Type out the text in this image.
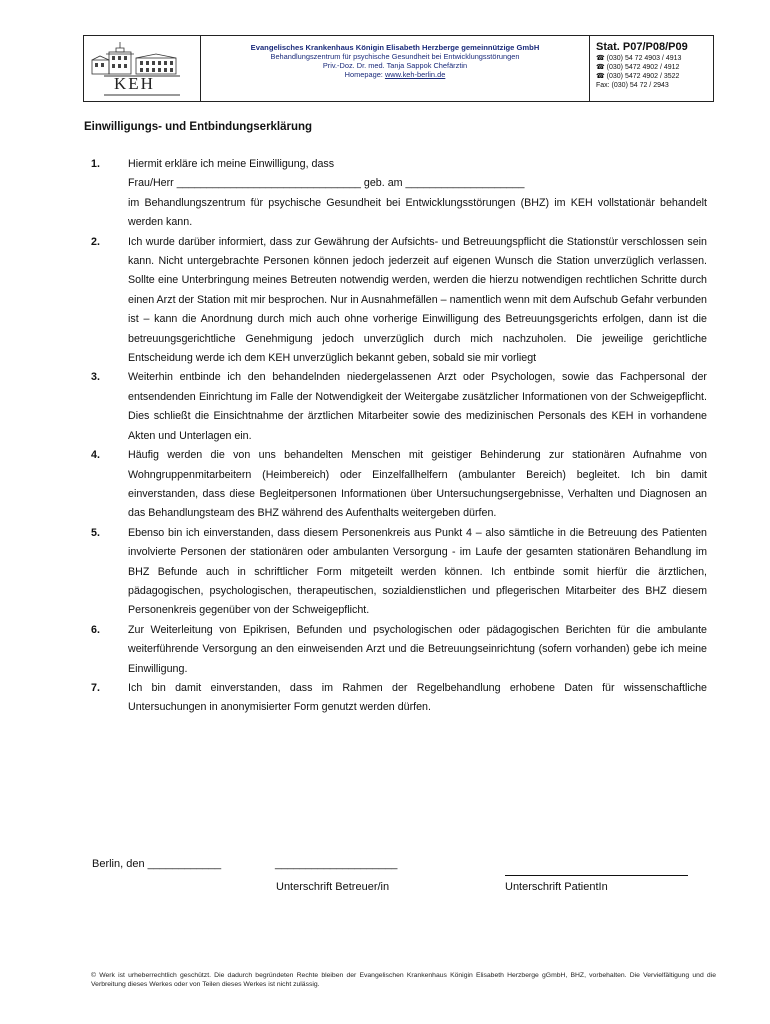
KEH
Evangelisches Krankenhaus Königin Elisabeth Herzberge gemeinnützige GmbH
Behandlungszentrum für psychische Gesundheit bei Entwicklungsstörungen
Priv.-Doz. Dr. med. Tanja Sappok Chefärztin
Homepage: www.keh-berlin.de
Stat. P07/P08/P09
☎ (030) 54 72 4903 / 4913
☎ (030) 5472 4902 / 4912
☎ (030) 5472 4902 / 3522
Fax: (030) 54 72 / 2943
Einwilligungs- und Entbindungserklärung
1.	Hiermit erkläre ich meine Einwilligung, dass
Frau/Herr _______________________________ geb. am ____________________
im Behandlungszentrum für psychische Gesundheit bei Entwicklungsstörungen (BHZ) im KEH vollstationär behandelt werden kann.
2.	Ich wurde darüber informiert, dass zur Gewährung der Aufsichts- und Betreuungspflicht die Stationstür verschlossen sein kann. Nicht untergebrachte Personen können jedoch jederzeit auf eigenen Wunsch die Station unverzüglich verlassen. Sollte eine Unterbringung meines Betreuten notwendig werden, werden die hierzu notwendigen rechtlichen Schritte durch einen Arzt der Station mit mir besprochen. Nur in Ausnahmefällen – namentlich wenn mit dem Aufschub Gefahr verbunden ist – kann die Anordnung durch mich auch ohne vorherige Einwilligung des Betreuungsgerichts erfolgen, dann ist die betreuungsgerichtliche Genehmigung jedoch unverzüglich durch mich nachzuholen. Die jeweilige gerichtliche Entscheidung werde ich dem KEH unverzüglich bekannt geben, sobald sie mir vorliegt
3.	Weiterhin entbinde ich den behandelnden niedergelassenen Arzt oder Psychologen, sowie das Fachpersonal der entsendenden Einrichtung im Falle der Notwendigkeit der Weitergabe zusätzlicher Informationen von der Schweigepflicht. Dies schließt die Einsichtnahme der ärztlichen Mitarbeiter sowie des medizinischen Personals des KEH in vorhandene Akten und Unterlagen ein.
4.	Häufig werden die von uns behandelten Menschen mit geistiger Behinderung zur stationären Aufnahme von Wohngruppenmitarbeitern (Heimbereich) oder Einzelfallhelfern (ambulanter Bereich) begleitet. Ich bin damit einverstanden, dass diese Begleitpersonen Informationen über Untersuchungsergebnisse, Verhalten und Diagnosen an das Behandlungsteam des BHZ während des Aufenthalts weitergeben dürfen.
5.	Ebenso bin ich einverstanden, dass diesem Personenkreis aus Punkt 4 – also sämtliche in die Betreuung des Patienten involvierte Personen der stationären oder ambulanten Versorgung - im Laufe der gesamten stationären Behandlung im BHZ Befunde auch in schriftlicher Form mitgeteilt werden können. Ich entbinde somit hierfür die ärztlichen, pädagogischen, psychologischen, therapeutischen, sozialdienstlichen und pflegerischen Mitarbeiter des BHZ diesem Personenkreis gegenüber von der Schweigepflicht.
6.	Zur Weiterleitung von Epikrisen, Befunden und psychologischen oder pädagogischen Berichten für die ambulante weiterführende Versorgung an den einweisenden Arzt und die Betreuungseinrichtung (sofern vorhanden) gebe ich meine Einwilligung.
7.	Ich bin damit einverstanden, dass im Rahmen der Regelbehandlung erhobene Daten für wissenschaftliche Untersuchungen in anonymisierter Form genutzt werden dürfen.
Berlin, den ____________	____________________
Unterschrift Betreuer/in	Unterschrift PatientIn
© Werk ist urheberrechtlich geschützt. Die dadurch begründeten Rechte bleiben der Evangelischen Krankenhaus Königin Elisabeth Herzberge gGmbH, BHZ, vorbehalten. Die Vervielfältigung und die Verbreitung dieses Werkes oder von Teilen dieses Werkes ist nicht zulässig.
